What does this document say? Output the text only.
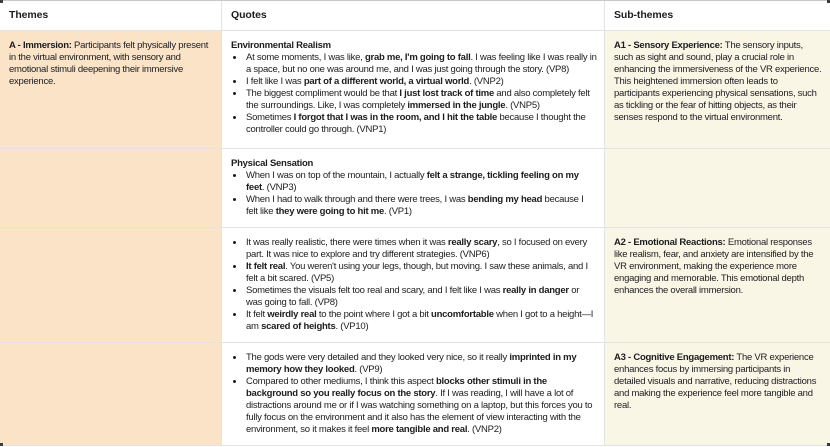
Themes	Quotes	Sub-themes

A - Immersion: Participants felt physically present in the virtual environment, with sensory and emotional stimuli deepening their immersive experience.

Environmental Realism

• At some moments, I was like, grab me, I'm going to fall. I was feeling like I was really in a space, but no one was around me, and I was just going through the story. (VP8)
• I felt like I was part of a different world, a virtual world. (VNP2)
• The biggest compliment would be that I just lost track of time and also completely felt the surroundings. Like, I was completely immersed in the jungle. (VNP5)
• Sometimes I forgot that I was in the room, and I hit the table because I thought the controller could go through. (VNP1)

A1 - Sensory Experience: The sensory inputs, such as sight and sound, play a crucial role in enhancing the immersiveness of the VR experience. This heightened immersion often leads to participants experiencing physical sensations, such as tickling or the fear of hitting objects, as their senses respond to the virtual environment.

Physical Sensation

• When I was on top of the mountain, I actually felt a strange, tickling feeling on my feet. (VNP3)
• When I had to walk through and there were trees, I was bending my head because I felt like they were going to hit me. (VP1)
• It was really realistic, there were times when it was really scary, so I focused on every part. It was nice to explore and try different strategies. (VNP6)
• It felt real. You weren't using your legs, though, but moving. I saw these animals, and I felt a bit scared. (VP5)
• Sometimes the visuals felt too real and scary, and I felt like I was really in danger or was going to fall. (VP8)
• It felt weirdly real to the point where I got a bit uncomfortable when I got to a height—I am scared of heights. (VP10)

A2 - Emotional Reactions: Emotional responses like realism, fear, and anxiety are intensified by the VR environment, making the experience more engaging and memorable. This emotional depth enhances the overall immersion.

• The gods were very detailed and they looked very nice, so it really imprinted in my memory how they looked. (VP9)
• Compared to other mediums, I think this aspect blocks other stimuli in the background so you really focus on the story. If I was reading, I will have a lot of distractions around me or if I was watching something on a laptop, but this forces you to fully focus on the environment and it also has the element of view interacting with the environment, so it makes it feel more tangible and real. (VNP2)

A3 - Cognitive Engagement: The VR experience enhances focus by immersing participants in detailed visuals and narrative, reducing distractions and making the experience feel more tangible and real.
